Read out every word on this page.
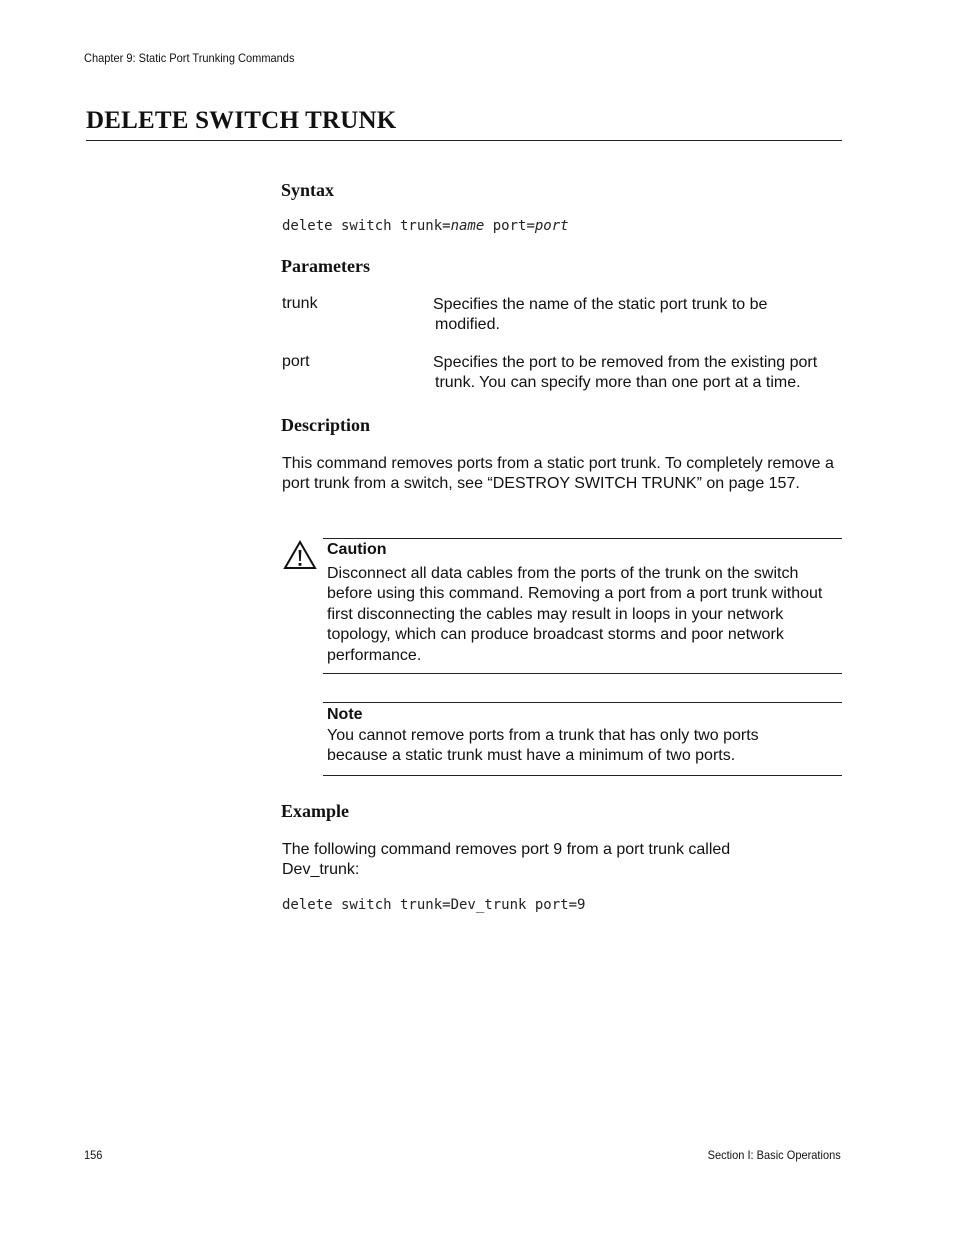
Chapter 9: Static Port Trunking Commands
DELETE SWITCH TRUNK
Syntax
delete switch trunk=name port=port
Parameters
trunk	Specifies the name of the static port trunk to be
modified.
port	Specifies the port to be removed from the existing port
trunk. You can specify more than one port at a time.
Description
This command removes ports from a static port trunk. To completely remove a port trunk from a switch, see “DESTROY SWITCH TRUNK” on page 157.
Caution
Disconnect all data cables from the ports of the trunk on the switch before using this command. Removing a port from a port trunk without first disconnecting the cables may result in loops in your network topology, which can produce broadcast storms and poor network performance.
Note
You cannot remove ports from a trunk that has only two ports because a static trunk must have a minimum of two ports.
Example
The following command removes port 9 from a port trunk called Dev_trunk:
delete switch trunk=Dev_trunk port=9
156	Section I: Basic Operations
